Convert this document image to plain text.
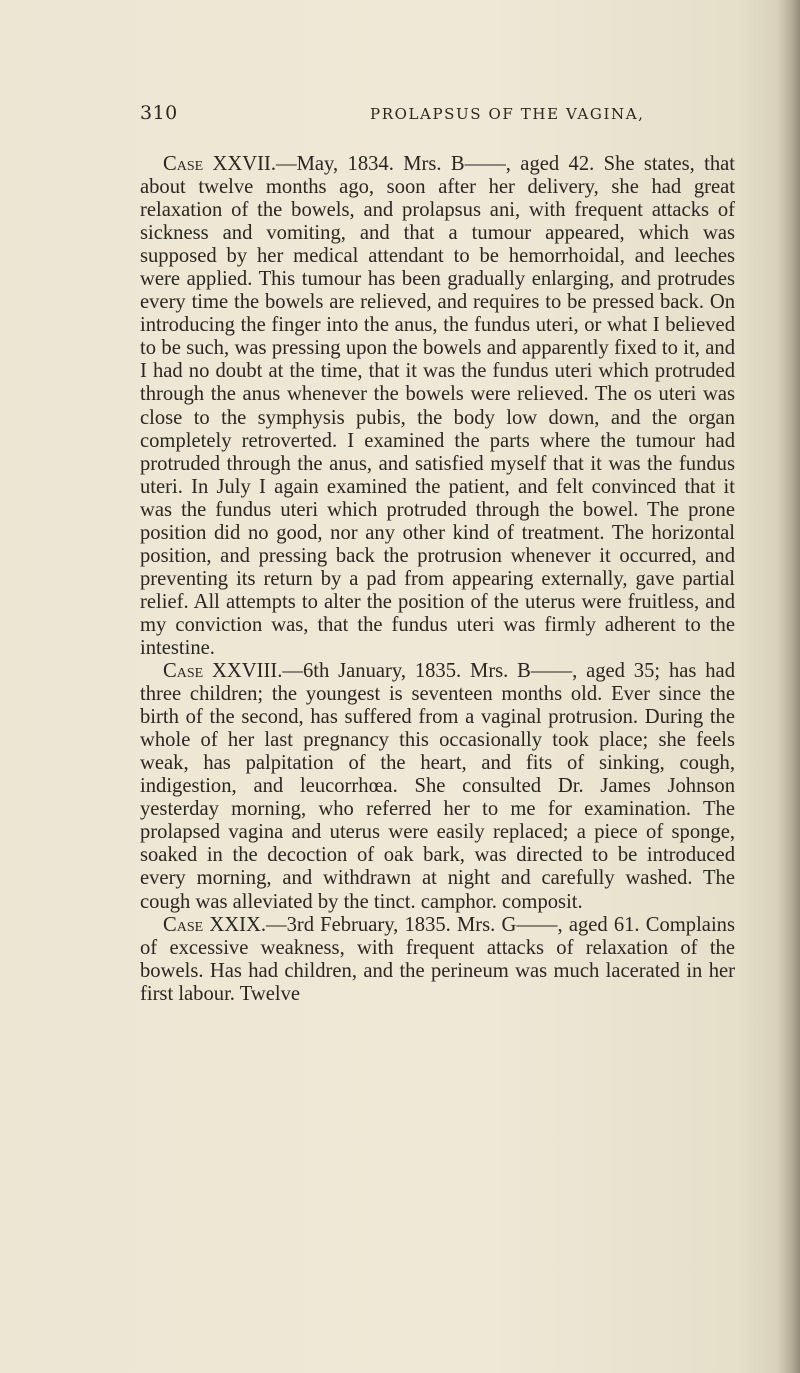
310	PROLAPSUS OF THE VAGINA,

Case XXVII.—May, 1834. Mrs. B——, aged 42. She states, that about twelve months ago, soon after her delivery, she had great relaxation of the bowels, and prolapsus ani, with frequent attacks of sickness and vomiting, and that a tumour appeared, which was supposed by her medical attendant to be hemorrhoidal, and leeches were applied. This tumour has been gradually enlarging, and protrudes every time the bowels are relieved, and requires to be pressed back. On introducing the finger into the anus, the fundus uteri, or what I believed to be such, was pressing upon the bowels and apparently fixed to it, and I had no doubt at the time, that it was the fundus uteri which protruded through the anus whenever the bowels were relieved. The os uteri was close to the symphysis pubis, the body low down, and the organ completely retroverted. I examined the parts where the tumour had protruded through the anus, and satisfied myself that it was the fundus uteri. In July I again examined the patient, and felt convinced that it was the fundus uteri which protruded through the bowel. The prone position did no good, nor any other kind of treatment. The horizontal position, and pressing back the protrusion whenever it occurred, and preventing its return by a pad from appearing externally, gave partial relief. All attempts to alter the position of the uterus were fruitless, and my conviction was, that the fundus uteri was firmly adherent to the intestine.

Case XXVIII.—6th January, 1835. Mrs. B——, aged 35; has had three children; the youngest is seventeen months old. Ever since the birth of the second, has suffered from a vaginal protrusion. During the whole of her last pregnancy this occasionally took place; she feels weak, has palpitation of the heart, and fits of sinking, cough, indigestion, and leucorrhœa. She consulted Dr. James Johnson yesterday morning, who referred her to me for examination. The prolapsed vagina and uterus were easily replaced; a piece of sponge, soaked in the decoction of oak bark, was directed to be introduced every morning, and withdrawn at night and carefully washed. The cough was alleviated by the tinct. camphor. composit.

Case XXIX.—3rd February, 1835. Mrs. G——, aged 61. Complains of excessive weakness, with frequent attacks of relaxation of the bowels. Has had children, and the perineum was much lacerated in her first labour. Twelve
